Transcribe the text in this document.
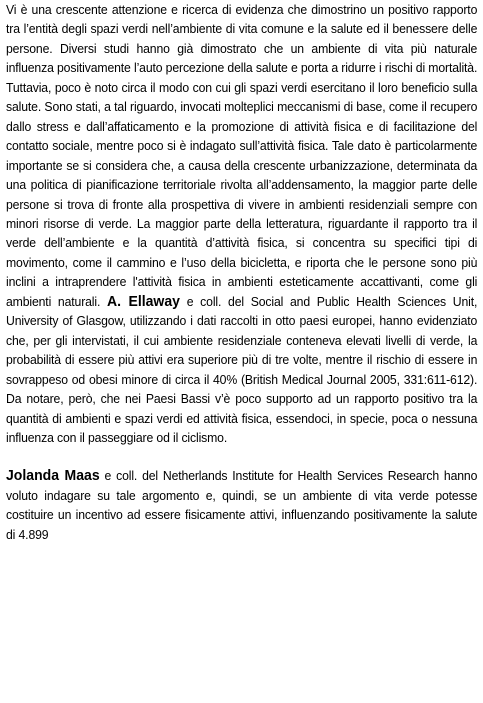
Vi è una crescente attenzione e ricerca di evidenza che dimostrino un positivo rapporto tra l’entità degli spazi verdi nell’ambiente di vita comune e la salute ed il benessere delle persone. Diversi studi hanno già dimostrato che un ambiente di vita più naturale influenza positivamente l’auto percezione della salute e porta a ridurre i rischi di mortalità. Tuttavia, poco è noto circa il modo con cui gli spazi verdi esercitano il loro beneficio sulla salute. Sono stati, a tal riguardo, invocati molteplici meccanismi di base, come il recupero dallo stress e dall’affaticamento e la promozione di attività fisica e di facilitazione del contatto sociale, mentre poco si è indagato sull’attività fisica. Tale dato è particolarmente importante se si considera che, a causa della crescente urbanizzazione, determinata da una politica di pianificazione territoriale rivolta all’addensamento, la maggior parte delle persone si trova di fronte alla prospettiva di vivere in ambienti residenziali sempre con minori risorse di verde. La maggior parte della letteratura, riguardante il rapporto tra il verde dell’ambiente e la quantità d’attività fisica, si concentra su specifici tipi di movimento, come il cammino e l’uso della bicicletta, e riporta che le persone sono più inclini a intraprendere l'attività fisica in ambienti esteticamente accattivanti, come gli ambienti naturali. A. Ellaway e coll. del Social and Public Health Sciences Unit, University of Glasgow, utilizzando i dati raccolti in otto paesi europei, hanno evidenziato che, per gli intervistati, il cui ambiente residenziale conteneva elevati livelli di verde, la probabilità di essere più attivi era superiore più di tre volte, mentre il rischio di essere in sovrappeso od obesi minore di circa il 40% (British Medical Journal 2005, 331:611-612). Da notare, però, che nei Paesi Bassi v’è poco supporto ad un rapporto positivo tra la quantità di ambienti e spazi verdi ed attività fisica, essendoci, in specie, poca o nessuna influenza con il passeggiare od il ciclismo.

Jolanda Maas e coll. del Netherlands Institute for Health Services Research hanno voluto indagare su tale argomento e, quindi, se un ambiente di vita verde potesse costituire un incentivo ad essere fisicamente attivi, influenzando positivamente la salute di 4.899
